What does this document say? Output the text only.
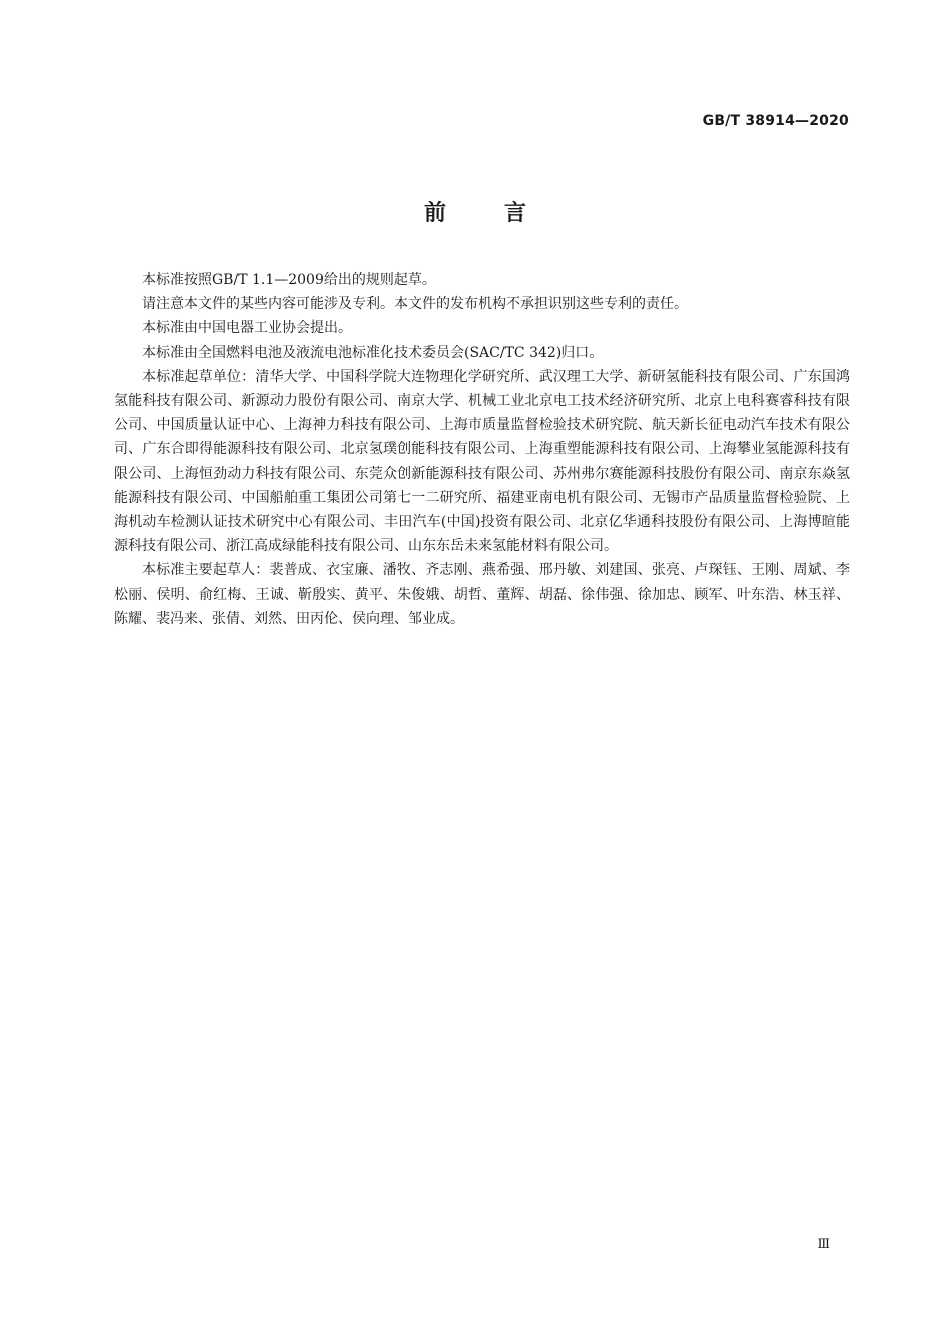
GB/T 38914—2020
前言

本标准按照GB/T 1.1—2009给出的规则起草。

请注意本文件的某些内容可能涉及专利。本文件的发布机构不承担识别这些专利的责任。

本标准由中国电器工业协会提出。

本标准由全国燃料电池及液流电池标准化技术委员会(SAC/TC 342)归口。

本标准起草单位：清华大学、中国科学院大连物理化学研究所、武汉理工大学、新研氢能科技有限公司、广东国鸿氢能科技有限公司、新源动力股份有限公司、南京大学、机械工业北京电工技术经济研究所、北京上电科赛睿科技有限公司、中国质量认证中心、上海神力科技有限公司、上海市质量监督检验技术研究院、航天新长征电动汽车技术有限公司、广东合即得能源科技有限公司、北京氢璞创能科技有限公司、上海重塑能源科技有限公司、上海攀业氢能源科技有限公司、上海恒劲动力科技有限公司、东莞众创新能源科技有限公司、苏州弗尔赛能源科技股份有限公司、南京东焱氢能源科技有限公司、中国船舶重工集团公司第七一二研究所、福建亚南电机有限公司、无锡市产品质量监督检验院、上海机动车检测认证技术研究中心有限公司、丰田汽车(中国)投资有限公司、北京亿华通科技股份有限公司、上海博暄能源科技有限公司、浙江高成绿能科技有限公司、山东东岳未来氢能材料有限公司。

本标准主要起草人：裴普成、衣宝廉、潘牧、齐志刚、燕希强、邢丹敏、刘建国、张亮、卢琛钰、王刚、周斌、李松丽、侯明、俞红梅、王诚、靳殷实、黄平、朱俊娥、胡哲、董辉、胡磊、徐伟强、徐加忠、顾军、叶东浩、林玉祥、陈耀、裴冯来、张倩、刘然、田丙伦、侯向理、邹业成。

Ⅲ
